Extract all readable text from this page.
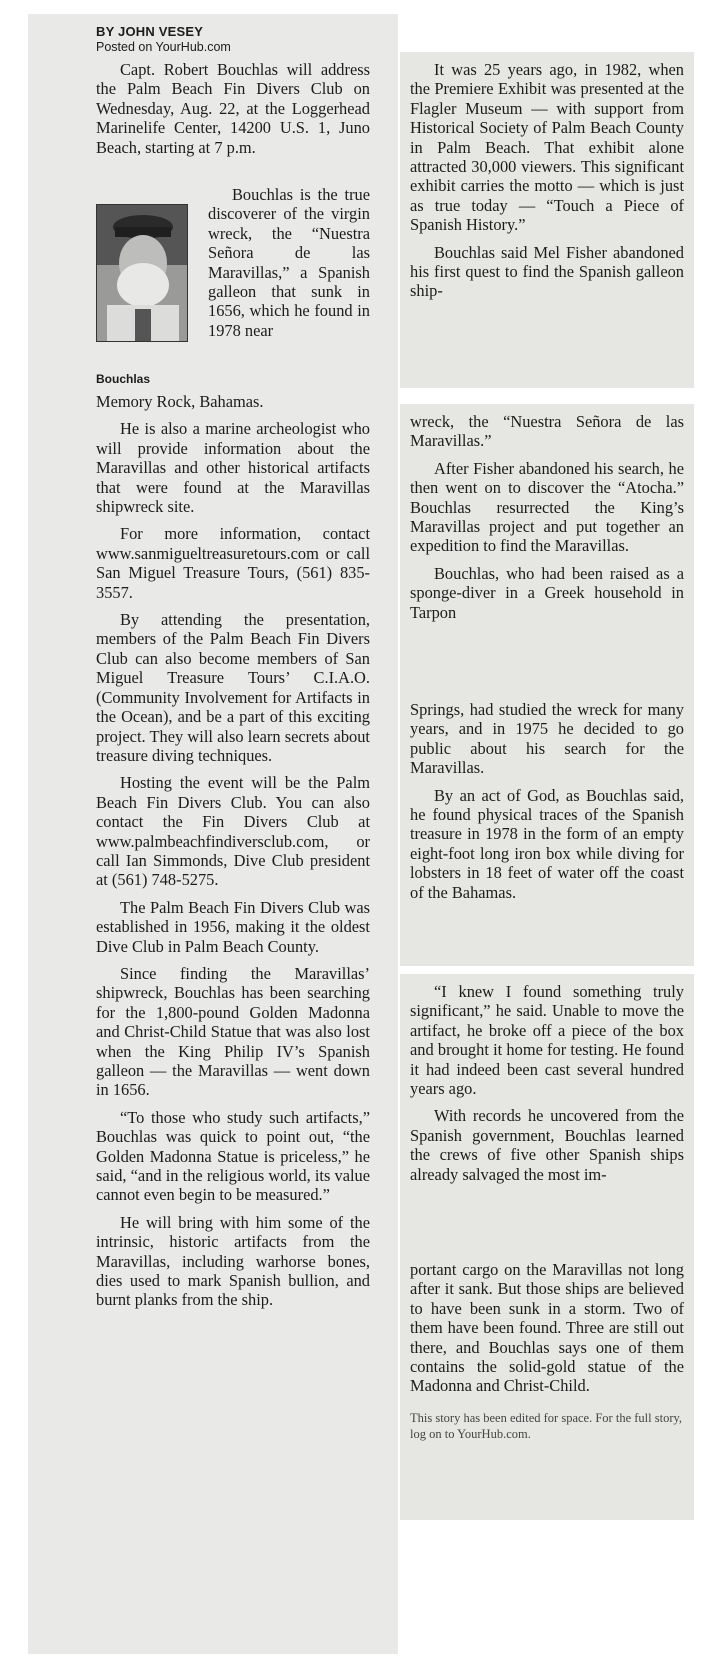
BY JOHN VESEY
Posted on YourHub.com

Capt. Robert Bouchlas will address the Palm Beach Fin Divers Club on Wednesday, Aug. 22, at the Loggerhead Marinelife Center, 14200 U.S. 1, Juno Beach, starting at 7 p.m.

Bouchlas

Bouchlas is the true discoverer of the virgin wreck, the “Nuestra Señora de las Maravillas,” a Spanish galleon that sunk in 1656, which he found in 1978 near

Memory Rock, Bahamas.

He is also a marine archeologist who will provide information about the Maravillas and other historical artifacts that were found at the Maravillas shipwreck site.

For more information, contact www.sanmigueltreasuretours.com or call San Miguel Treasure Tours, (561) 835-3557.

By attending the presentation, members of the Palm Beach Fin Divers Club can also become members of San Miguel Treasure Tours’ C.I.A.O. (Community Involvement for Artifacts in the Ocean), and be a part of this exciting project. They will also learn secrets about treasure diving techniques.

Hosting the event will be the Palm Beach Fin Divers Club. You can also contact the Fin Divers Club at www.palmbeachfindiversclub.com, or call Ian Simmonds, Dive Club president at (561) 748-5275.

The Palm Beach Fin Divers Club was established in 1956, making it the oldest Dive Club in Palm Beach County.

Since finding the Maravillas’ shipwreck, Bouchlas has been searching for the 1,800-pound Golden Madonna and Christ-Child Statue that was also lost when the King Philip IV’s Spanish galleon — the Maravillas — went down in 1656.

“To those who study such artifacts,” Bouchlas was quick to point out, “the Golden Madonna Statue is priceless,” he said, “and in the religious world, its value cannot even begin to be measured.”

He will bring with him some of the intrinsic, historic artifacts from the Maravillas, including warhorse bones, dies used to mark Spanish bullion, and burnt planks from the ship.

It was 25 years ago, in 1982, when the Premiere Exhibit was presented at the Flagler Museum — with support from Historical Society of Palm Beach County in Palm Beach. That exhibit alone attracted 30,000 viewers. This significant exhibit carries the motto — which is just as true today — “Touch a Piece of Spanish History.”

Bouchlas said Mel Fisher abandoned his first quest to find the Spanish galleon ship-

wreck, the “Nuestra Señora de las Maravillas.”

After Fisher abandoned his search, he then went on to discover the “Atocha.” Bouchlas resurrected the King’s Maravillas project and put together an expedition to find the Maravillas.

Bouchlas, who had been raised as a sponge-diver in a Greek household in Tarpon

Springs, had studied the wreck for many years, and in 1975 he decided to go public about his search for the Maravillas.

By an act of God, as Bouchlas said, he found physical traces of the Spanish treasure in 1978 in the form of an empty eight-foot long iron box while diving for lobsters in 18 feet of water off the coast of the Bahamas.

“I knew I found something truly significant,” he said. Unable to move the artifact, he broke off a piece of the box and brought it home for testing. He found it had indeed been cast several hundred years ago.

With records he uncovered from the Spanish government, Bouchlas learned the crews of five other Spanish ships already salvaged the most im-

portant cargo on the Maravillas not long after it sank. But those ships are believed to have been sunk in a storm. Two of them have been found. Three are still out there, and Bouchlas says one of them contains the solid-gold statue of the Madonna and Christ-Child.

This story has been edited for space. For the full story, log on to YourHub.com.
